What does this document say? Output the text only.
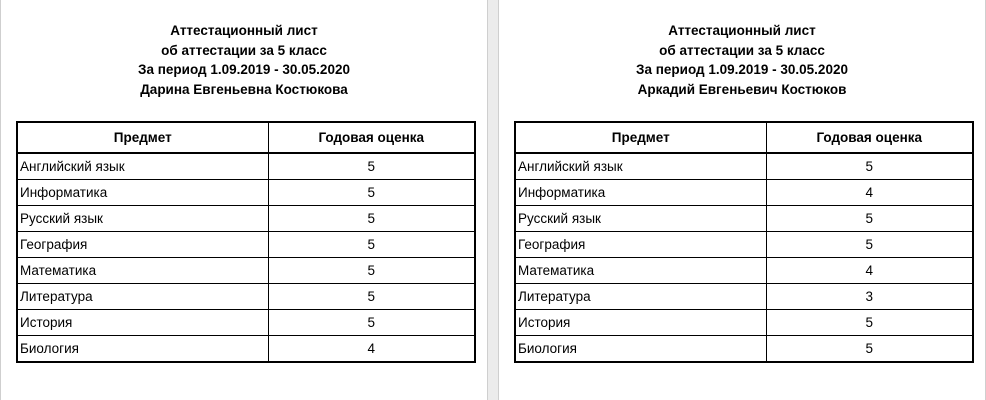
Аттестационный лист
об аттестации за 5 класс
За период 1.09.2019 - 30.05.2020
Дарина Евгеньевна Костюкова
Предмет	Годовая оценка
Английский язык	5
Информатика	5
Русский язык	5
География	5
Математика	5
Литература	5
История	5
Биология	4
Аттестационный лист
об аттестации за 5 класс
За период 1.09.2019 - 30.05.2020
Аркадий Евгеньевич Костюков
Предмет	Годовая оценка
Английский язык	5
Информатика	4
Русский язык	5
География	5
Математика	4
Литература	3
История	5
Биология	5
